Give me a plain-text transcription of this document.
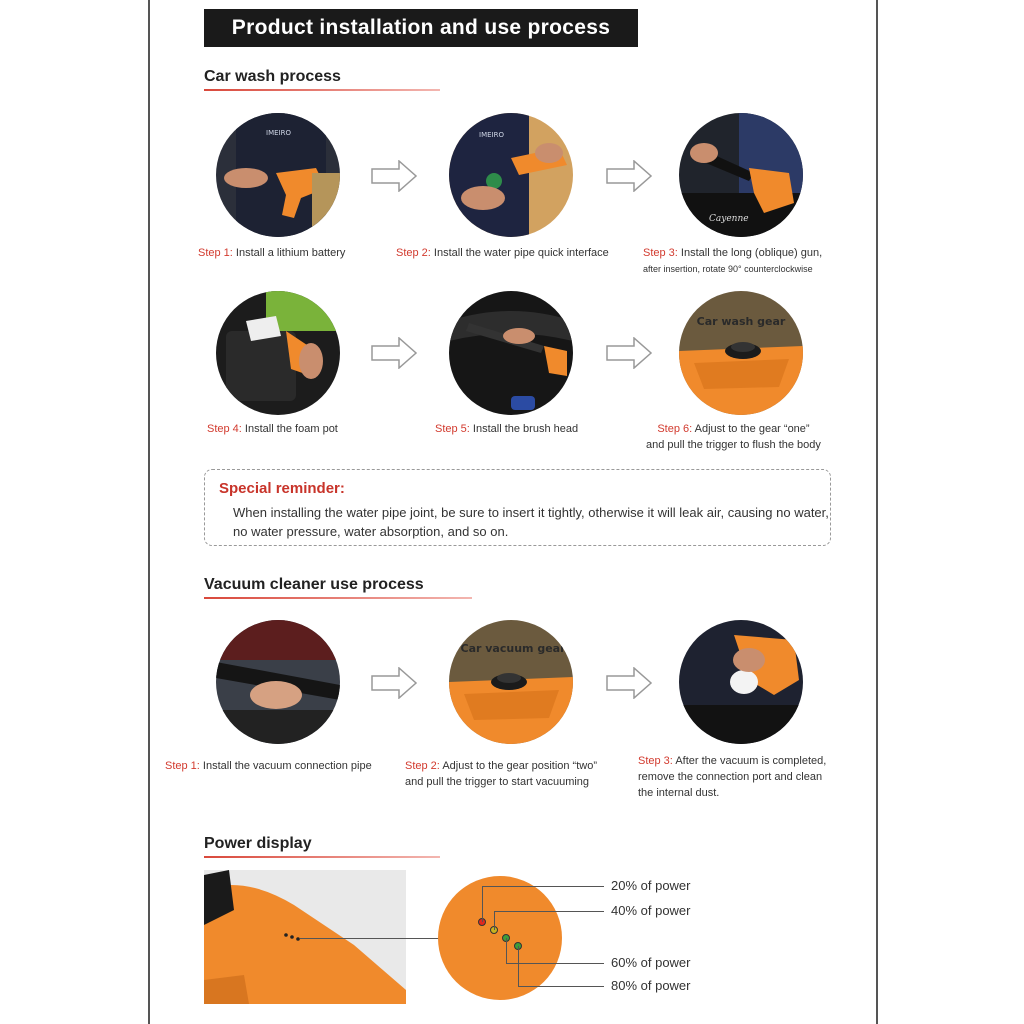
Product installation and use process
Car wash process
IMEIRO	IMEIRO
Cayenne
Step 1: Install a lithium battery	Step 2: Install the water pipe quick interface	Step 3: Install the long (oblique) gun,
after insertion, rotate 90° counterclockwise
Car wash gear
Step 4: Install the foam pot	Step 5: Install the brush head	Step 6: Adjust to the gear “one”
and pull the trigger to flush the body
Special reminder:
When installing the water pipe joint, be sure to insert it tightly, otherwise it will leak air, causing no water, no water pressure, water absorption, and so on.
Vacuum cleaner use process
Car vacuum gear
Step 1: Install the vacuum connection pipe	Step 2: Adjust to the gear position “two”
and pull the trigger to start vacuuming
Step 3: After the vacuum is completed,
remove the connection port and clean
the internal dust.
Power display
20% of power
40% of power
60% of power
80% of power
